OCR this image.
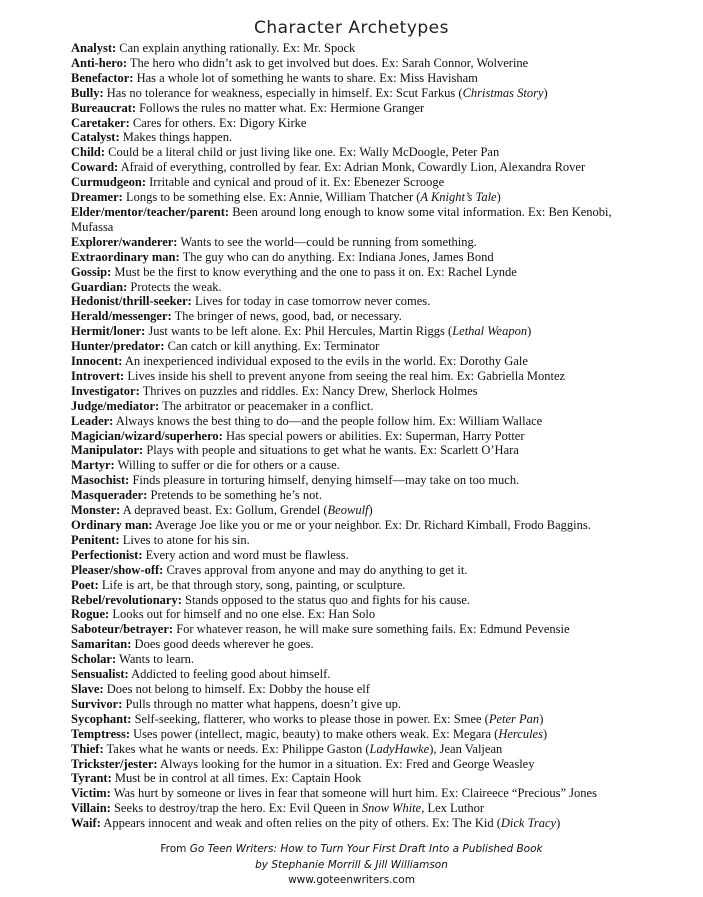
Character Archetypes

Analyst: Can explain anything rationally. Ex: Mr. Spock

Anti-hero: The hero who didn’t ask to get involved but does. Ex: Sarah Connor, Wolverine

Benefactor: Has a whole lot of something he wants to share. Ex: Miss Havisham

Bully: Has no tolerance for weakness, especially in himself. Ex: Scut Farkus (Christmas Story)

Bureaucrat: Follows the rules no matter what. Ex: Hermione Granger

Caretaker: Cares for others. Ex: Digory Kirke

Catalyst: Makes things happen.

Child: Could be a literal child or just living like one. Ex: Wally McDoogle, Peter Pan

Coward: Afraid of everything, controlled by fear. Ex: Adrian Monk, Cowardly Lion, Alexandra Rover

Curmudgeon: Irritable and cynical and proud of it. Ex: Ebenezer Scrooge

Dreamer: Longs to be something else. Ex: Annie, William Thatcher (A Knight’s Tale)

Elder/mentor/teacher/parent: Been around long enough to know some vital information. Ex: Ben Kenobi, Mufassa

Explorer/wanderer: Wants to see the world—could be running from something.

Extraordinary man: The guy who can do anything. Ex: Indiana Jones, James Bond

Gossip: Must be the first to know everything and the one to pass it on. Ex: Rachel Lynde

Guardian: Protects the weak.

Hedonist/thrill-seeker: Lives for today in case tomorrow never comes.

Herald/messenger: The bringer of news, good, bad, or necessary.

Hermit/loner: Just wants to be left alone. Ex: Phil Hercules, Martin Riggs (Lethal Weapon)

Hunter/predator: Can catch or kill anything. Ex: Terminator

Innocent: An inexperienced individual exposed to the evils in the world. Ex: Dorothy Gale

Introvert: Lives inside his shell to prevent anyone from seeing the real him. Ex: Gabriella Montez

Investigator: Thrives on puzzles and riddles. Ex: Nancy Drew, Sherlock Holmes

Judge/mediator: The arbitrator or peacemaker in a conflict.

Leader: Always knows the best thing to do—and the people follow him. Ex: William Wallace

Magician/wizard/superhero: Has special powers or abilities. Ex: Superman, Harry Potter

Manipulator: Plays with people and situations to get what he wants. Ex: Scarlett O’Hara

Martyr: Willing to suffer or die for others or a cause.

Masochist: Finds pleasure in torturing himself, denying himself—may take on too much.

Masquerader: Pretends to be something he’s not.

Monster: A depraved beast. Ex: Gollum, Grendel (Beowulf)

Ordinary man: Average Joe like you or me or your neighbor. Ex: Dr. Richard Kimball, Frodo Baggins.

Penitent: Lives to atone for his sin.

Perfectionist: Every action and word must be flawless.

Pleaser/show-off: Craves approval from anyone and may do anything to get it.

Poet: Life is art, be that through story, song, painting, or sculpture.

Rebel/revolutionary: Stands opposed to the status quo and fights for his cause.

Rogue: Looks out for himself and no one else. Ex: Han Solo

Saboteur/betrayer: For whatever reason, he will make sure something fails. Ex: Edmund Pevensie

Samaritan: Does good deeds wherever he goes.

Scholar: Wants to learn.

Sensualist: Addicted to feeling good about himself.

Slave: Does not belong to himself. Ex: Dobby the house elf

Survivor: Pulls through no matter what happens, doesn’t give up.

Sycophant: Self-seeking, flatterer, who works to please those in power. Ex: Smee (Peter Pan)

Temptress: Uses power (intellect, magic, beauty) to make others weak. Ex: Megara (Hercules)

Thief: Takes what he wants or needs. Ex: Philippe Gaston (LadyHawke), Jean Valjean

Trickster/jester: Always looking for the humor in a situation. Ex: Fred and George Weasley

Tyrant: Must be in control at all times. Ex: Captain Hook

Victim: Was hurt by someone or lives in fear that someone will hurt him. Ex: Claireece “Precious” Jones

Villain: Seeks to destroy/trap the hero. Ex: Evil Queen in Snow White, Lex Luthor

Waif: Appears innocent and weak and often relies on the pity of others. Ex: The Kid (Dick Tracy)

From Go Teen Writers: How to Turn Your First Draft Into a Published Book
by Stephanie Morrill & Jill Williamson
www.goteenwriters.com
